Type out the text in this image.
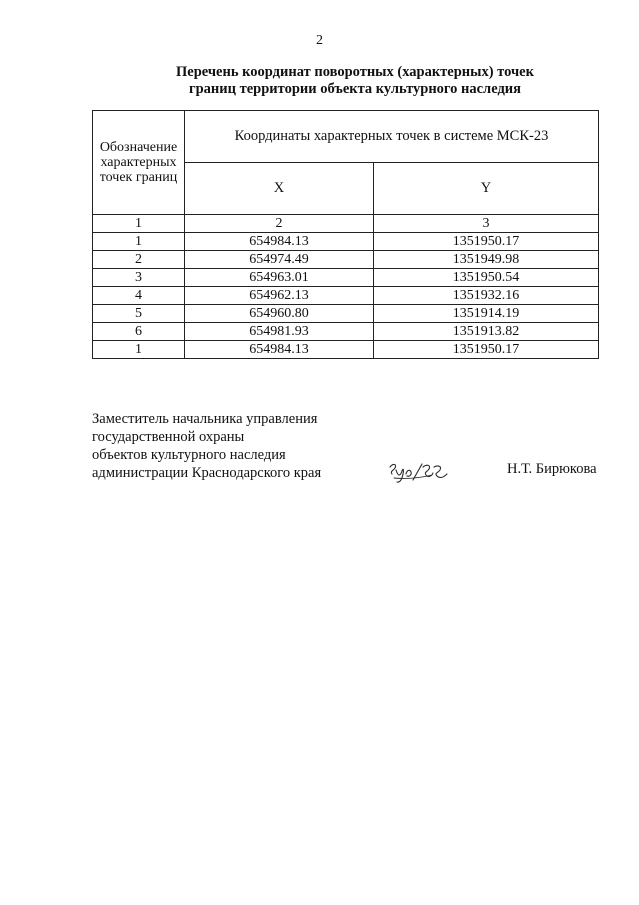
2
Перечень координат поворотных (характерных) точек
границ территории объекта культурного наследия
Обозначение
характерных
точек границ	Координаты характерных точек в системе МСК-23	
	X	Y
1	2	3
1	654984.13	1351950.17
2	654974.49	1351949.98
3	654963.01	1351950.54
4	654962.13	1351932.16
5	654960.80	1351914.19
6	654981.93	1351913.82
1	654984.13	1351950.17
Заместитель начальника управления
государственной охраны
объектов культурного наследия
администрации Краснодарского края	Н.Т. Бирюкова
